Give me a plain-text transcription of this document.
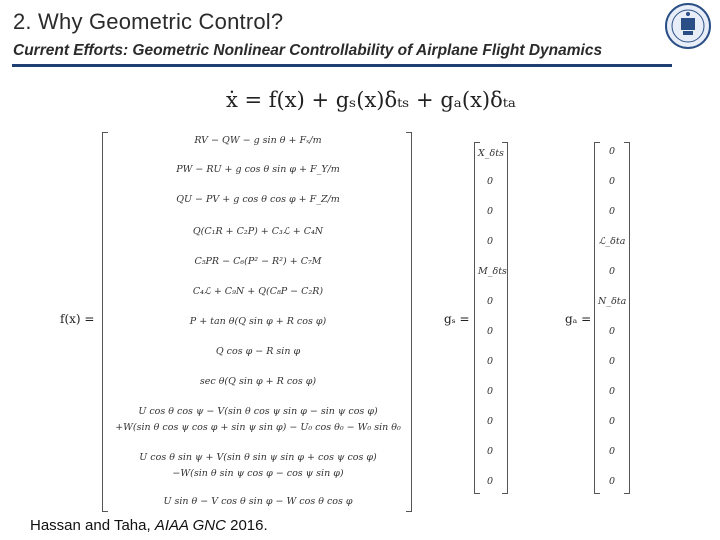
2. Why Geometric Control?
Current Efforts: Geometric Nonlinear Controllability of Airplane Flight Dynamics
ẋ = f(x) + gₛ(x)δₜₛ + gₐ(x)δₜₐ
f(x) =	gₛ =	gₐ =
RV − QW − g sin θ + Fₓ/m
PW − RU + g cos θ sin φ + F_Y/m
QU − PV + g cos θ cos φ + F_Z/m
Q(C₁R + C₂P) + C₃ℒ + C₄N
C₅PR − C₆(P² − R²) + C₇M
C₄ℒ + C₉N + Q(C₈P − C₂R)
P + tan θ(Q sin φ + R cos φ)
Q cos φ − R sin φ
sec θ(Q sin φ + R cos φ)
U cos θ cos ψ − V(sin θ cos ψ sin φ − sin ψ cos φ)
+W(sin θ cos ψ cos φ + sin ψ sin φ) − U₀ cos θ₀ − W₀ sin θ₀
U cos θ sin ψ + V(sin θ sin ψ sin φ + cos ψ cos φ)
−W(sin θ sin ψ cos φ − cos ψ sin φ)
U sin θ − V cos θ sin φ − W cos θ cos φ
X_δts
0
0
0
M_δts
0
0
0
0
0
0
0
0
0
0
ℒ_δta
0
N_δta
0
0
0
0
0
0
Hassan and Taha, AIAA GNC 2016.
